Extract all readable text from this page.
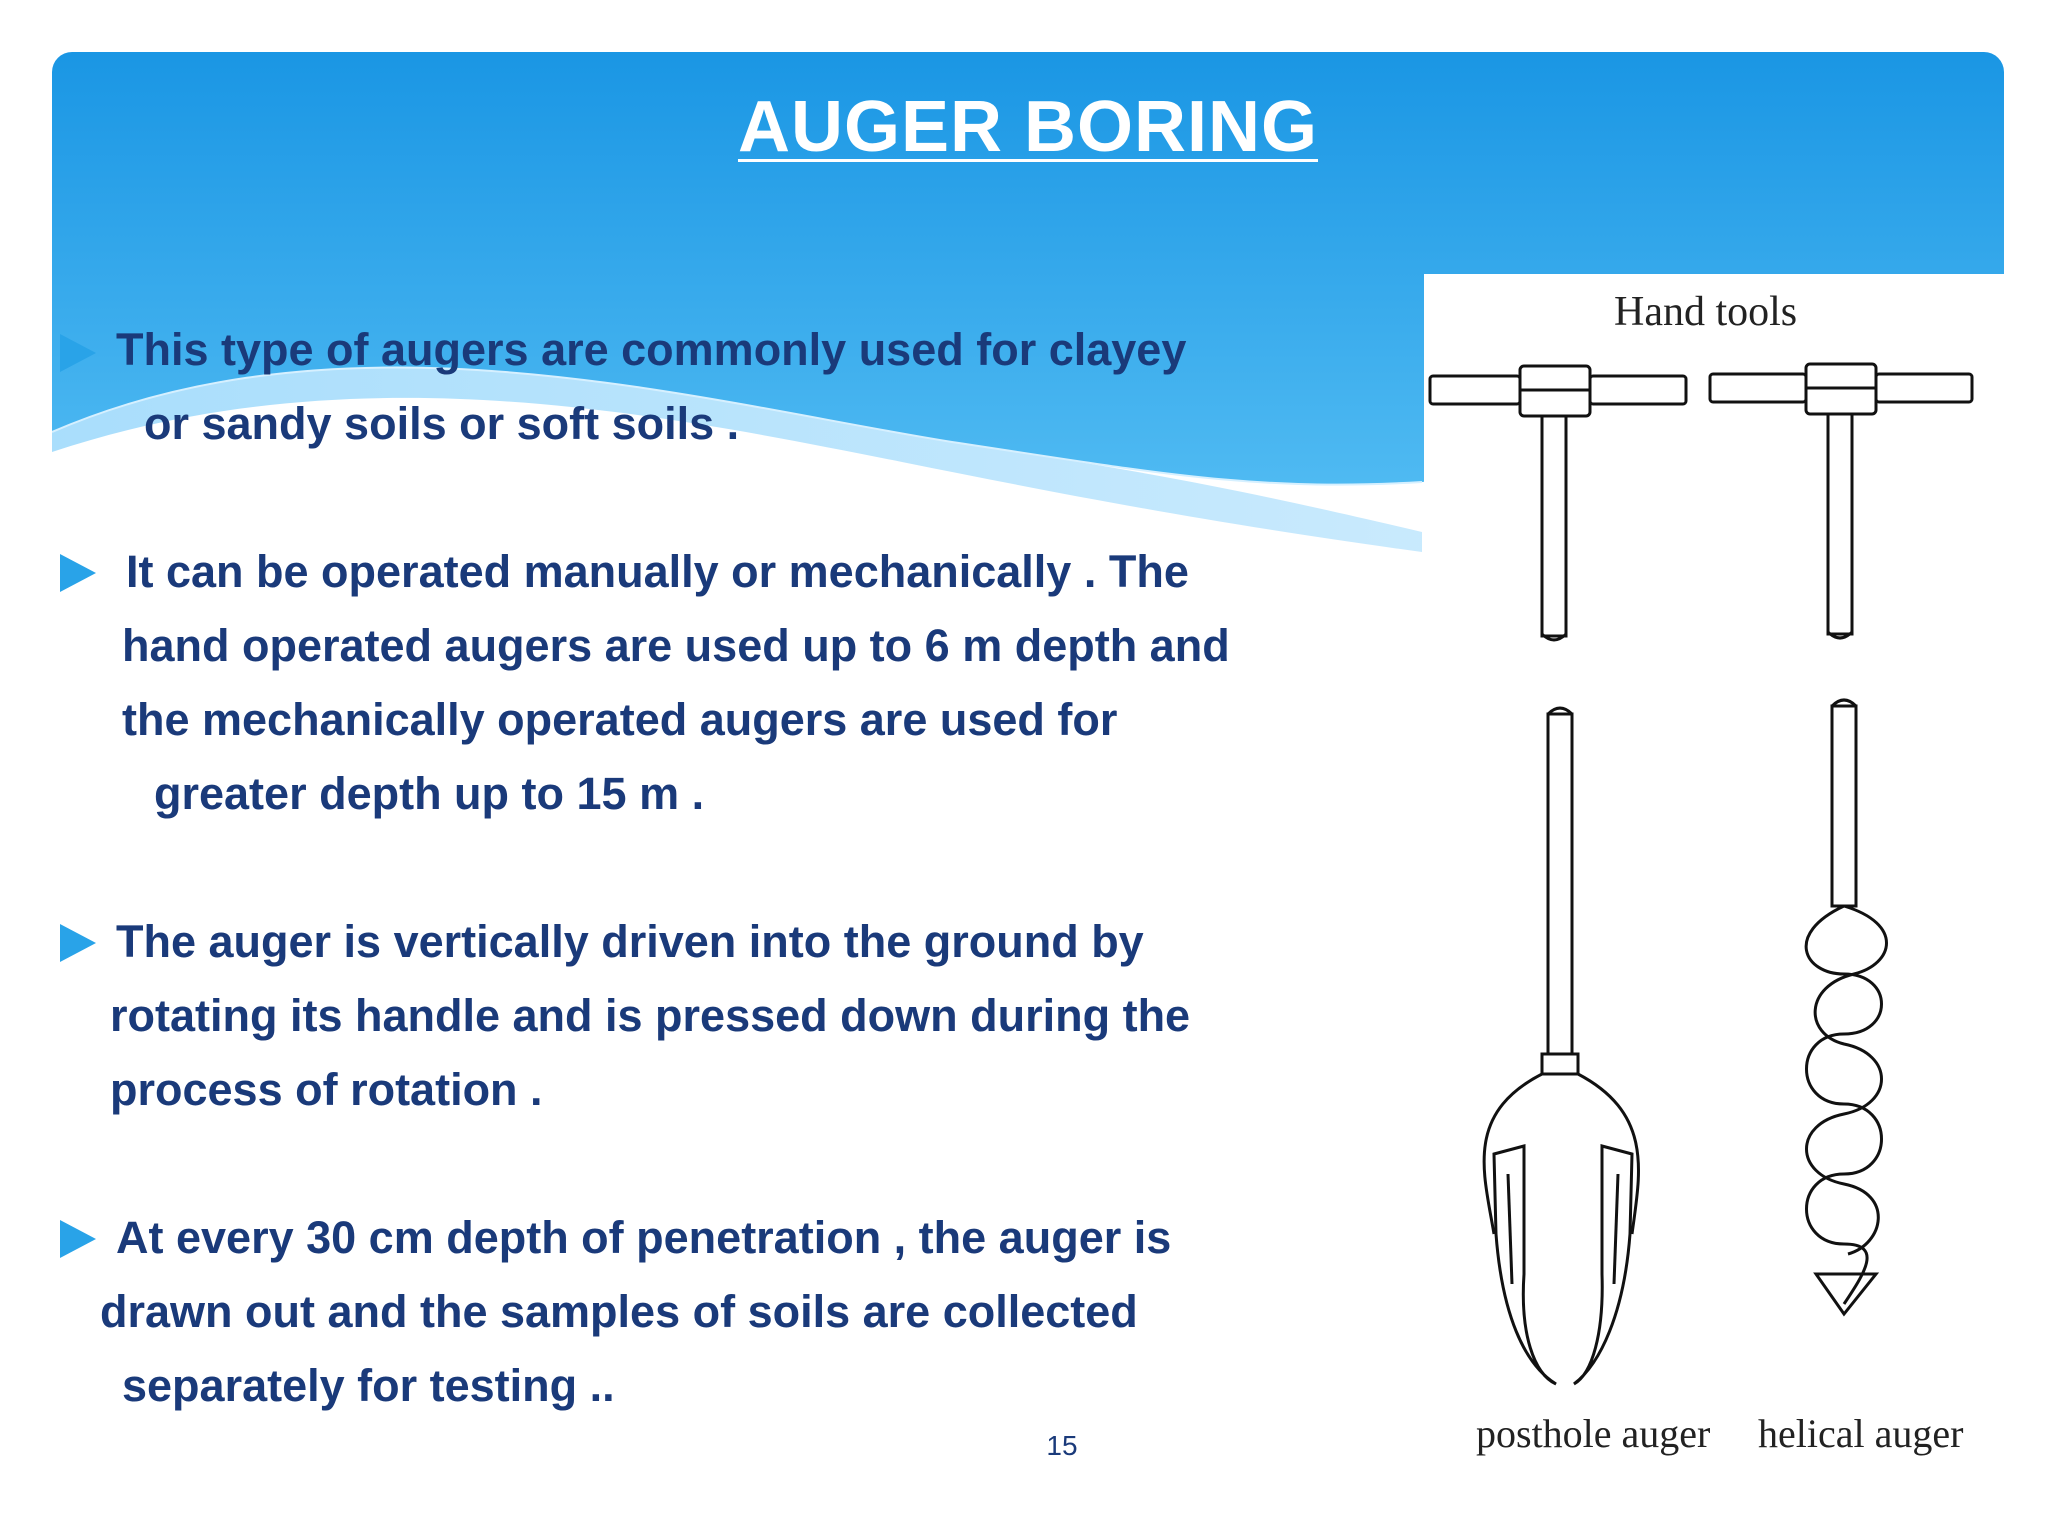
AUGER BORING
This type of augers are commonly used for clayey
or sandy soils or soft soils .
It can be operated manually or mechanically . The
hand operated augers are used up to 6 m depth and
the mechanically operated augers are used for
greater depth up to 15 m .
The auger is vertically driven into the ground by
rotating its handle and is pressed down during the
process of rotation .
At every 30 cm depth of penetration , the auger is
drawn out and the samples of soils are collected
separately for testing ..
15
Hand tools
posthole auger helical auger
